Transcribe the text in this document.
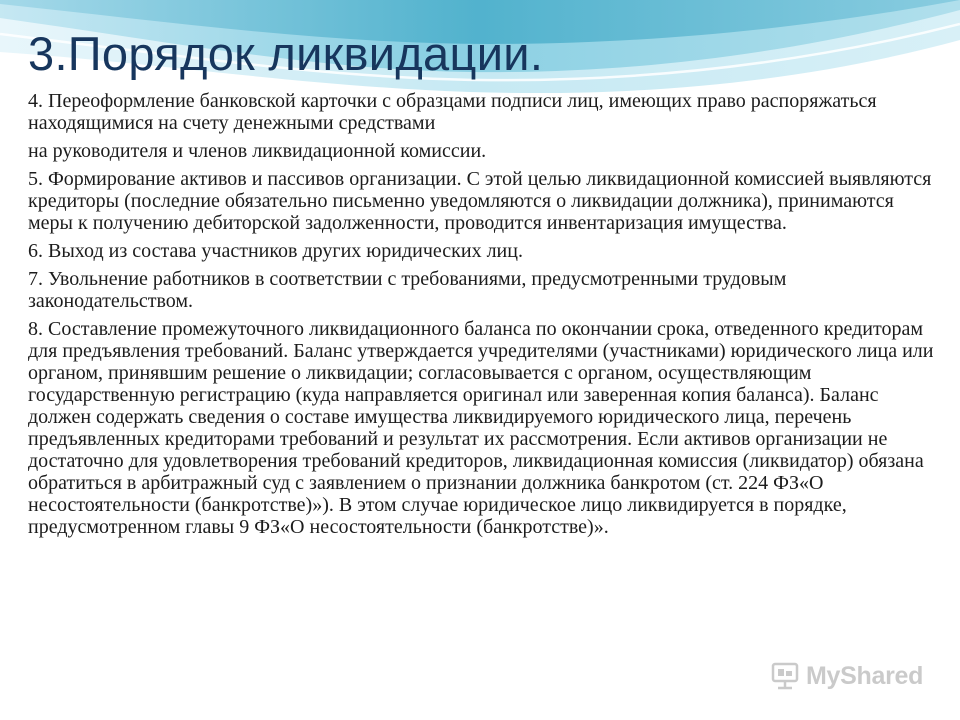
3.Порядок ликвидации.

4. Переоформление банковской карточки с образцами подписи лиц, имеющих право распоряжаться находящимися на счету денежными средствами

на руководителя и членов ликвидационной комиссии.

5. Формирование активов и пассивов организации. С этой целью ликвидационной комиссией выявляются кредиторы (последние обязательно письменно уведомляются о ликвидации должника), принимаются меры к получению дебиторской задолженности, проводится инвентаризация имущества.

6. Выход из состава участников других юридических лиц.

7. Увольнение работников в соответствии с требованиями, предусмотренными трудовым законодательством.

8. Составление промежуточного ликвидационного баланса по окончании срока, отведенного кредиторам для предъявления требований. Баланс утверждается учредителями (участниками) юридического лица или органом, принявшим решение о ликвидации; согласовывается с органом, осуществляющим государственную регистрацию (куда направляется оригинал или заверенная копия баланса). Баланс должен содержать сведения о составе имущества ликвидируемого юридического лица, перечень предъявленных кредиторами требований и результат их рассмотрения. Если активов организации не достаточно для удовлетворения требований кредиторов, ликвидационная комиссия (ликвидатор) обязана обратиться в арбитражный суд с заявлением о признании должника банкротом (ст. 224 ФЗ«О несостоятельности (банкротстве)»). В этом случае юридическое лицо ликвидируется в порядке, предусмотренном главы 9 ФЗ«О несостоятельности (банкротстве)».

MyShared
